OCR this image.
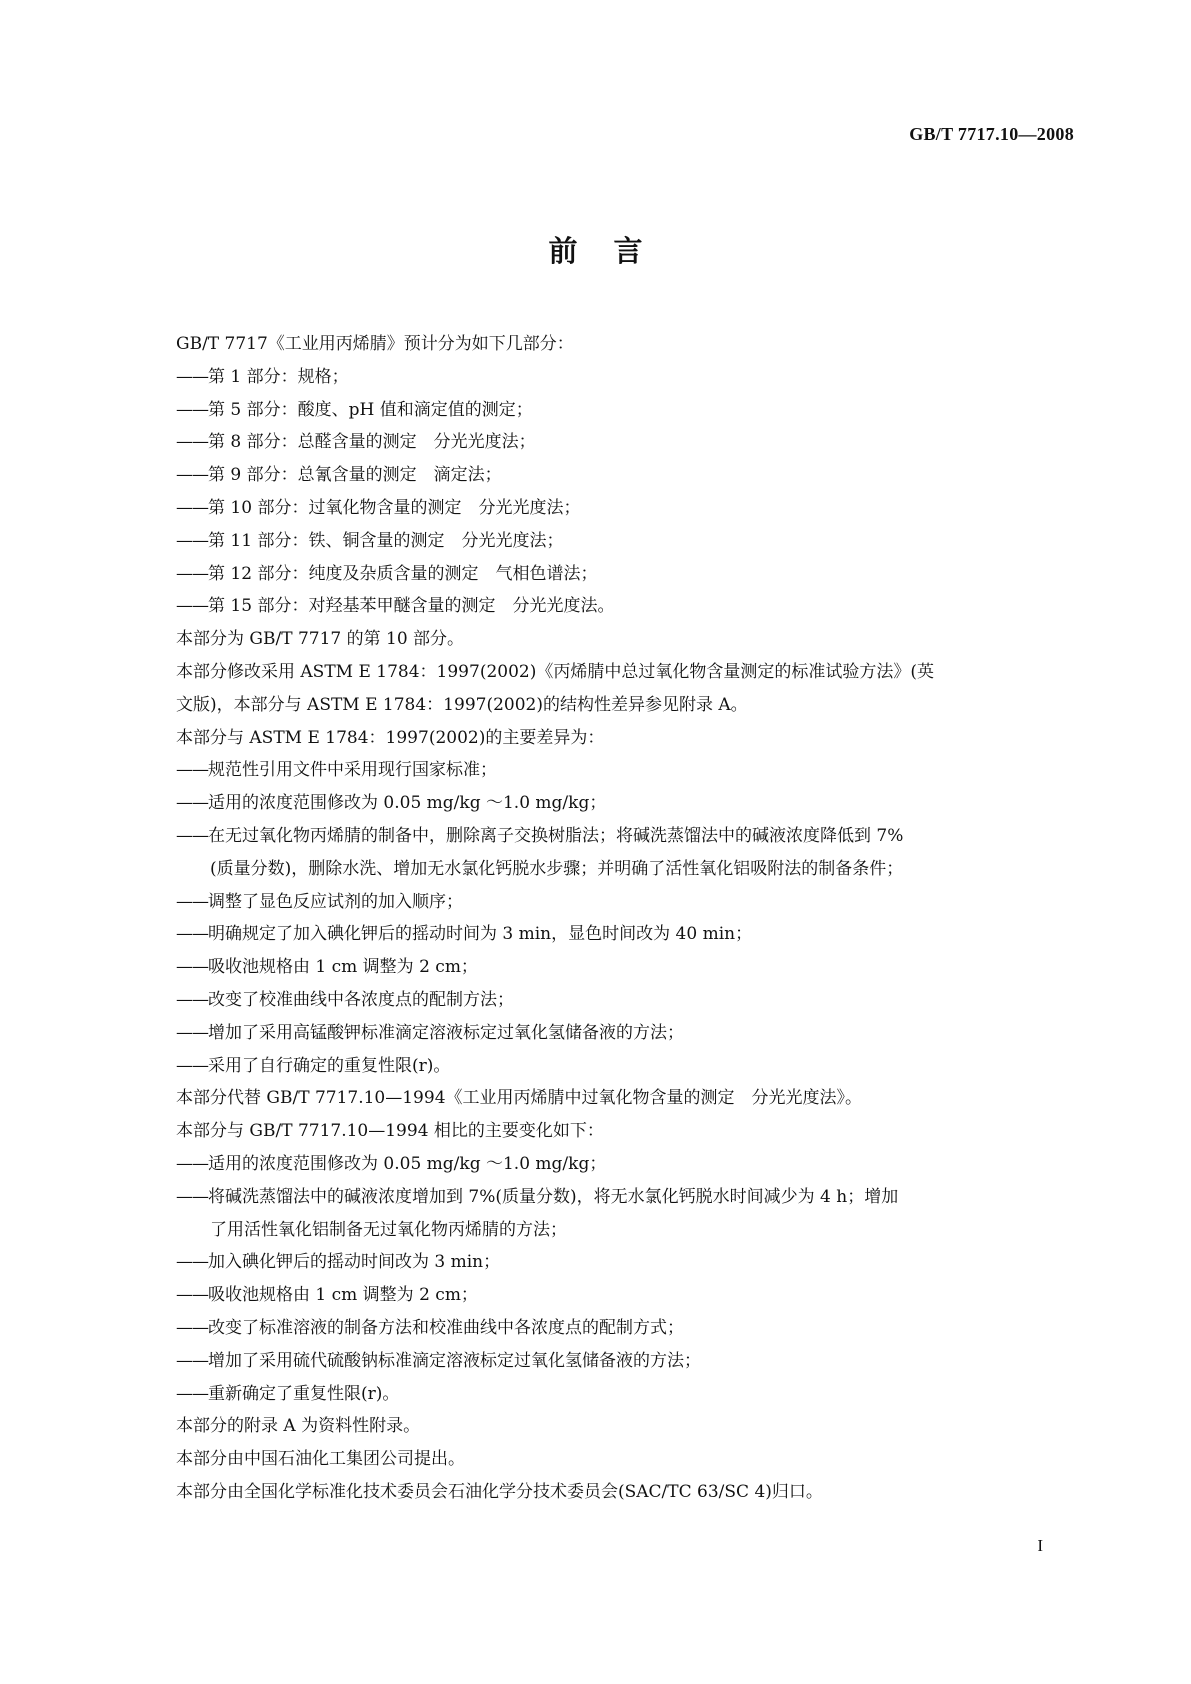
GB/T 7717.10—2008
前言
GB/T 7717《工业用丙烯腈》预计分为如下几部分：
——第 1 部分：规格；
——第 5 部分：酸度、pH 值和滴定值的测定；
——第 8 部分：总醛含量的测定　分光光度法；
——第 9 部分：总氰含量的测定　滴定法；
——第 10 部分：过氧化物含量的测定　分光光度法；
——第 11 部分：铁、铜含量的测定　分光光度法；
——第 12 部分：纯度及杂质含量的测定　气相色谱法；
——第 15 部分：对羟基苯甲醚含量的测定　分光光度法。
本部分为 GB/T 7717 的第 10 部分。
本部分修改采用 ASTM E 1784：1997(2002)《丙烯腈中总过氧化物含量测定的标准试验方法》(英
文版)，本部分与 ASTM E 1784：1997(2002)的结构性差异参见附录 A。
本部分与 ASTM E 1784：1997(2002)的主要差异为：
——规范性引用文件中采用现行国家标准；
——适用的浓度范围修改为 0.05 mg/kg ～1.0 mg/kg；
——在无过氧化物丙烯腈的制备中，删除离子交换树脂法；将碱洗蒸馏法中的碱液浓度降低到 7%
(质量分数)，删除水洗、增加无水氯化钙脱水步骤；并明确了活性氧化铝吸附法的制备条件；
——调整了显色反应试剂的加入顺序；
——明确规定了加入碘化钾后的摇动时间为 3 min，显色时间改为 40 min；
——吸收池规格由 1 cm 调整为 2 cm；
——改变了校准曲线中各浓度点的配制方法；
——增加了采用高锰酸钾标准滴定溶液标定过氧化氢储备液的方法；
——采用了自行确定的重复性限(r)。
本部分代替 GB/T 7717.10—1994《工业用丙烯腈中过氧化物含量的测定　分光光度法》。
本部分与 GB/T 7717.10—1994 相比的主要变化如下：
——适用的浓度范围修改为 0.05 mg/kg ～1.0 mg/kg；
——将碱洗蒸馏法中的碱液浓度增加到 7%(质量分数)，将无水氯化钙脱水时间减少为 4 h；增加
了用活性氧化铝制备无过氧化物丙烯腈的方法；
——加入碘化钾后的摇动时间改为 3 min；
——吸收池规格由 1 cm 调整为 2 cm；
——改变了标准溶液的制备方法和校准曲线中各浓度点的配制方式；
——增加了采用硫代硫酸钠标准滴定溶液标定过氧化氢储备液的方法；
——重新确定了重复性限(r)。
本部分的附录 A 为资料性附录。
本部分由中国石油化工集团公司提出。
本部分由全国化学标准化技术委员会石油化学分技术委员会(SAC/TC 63/SC 4)归口。
I
